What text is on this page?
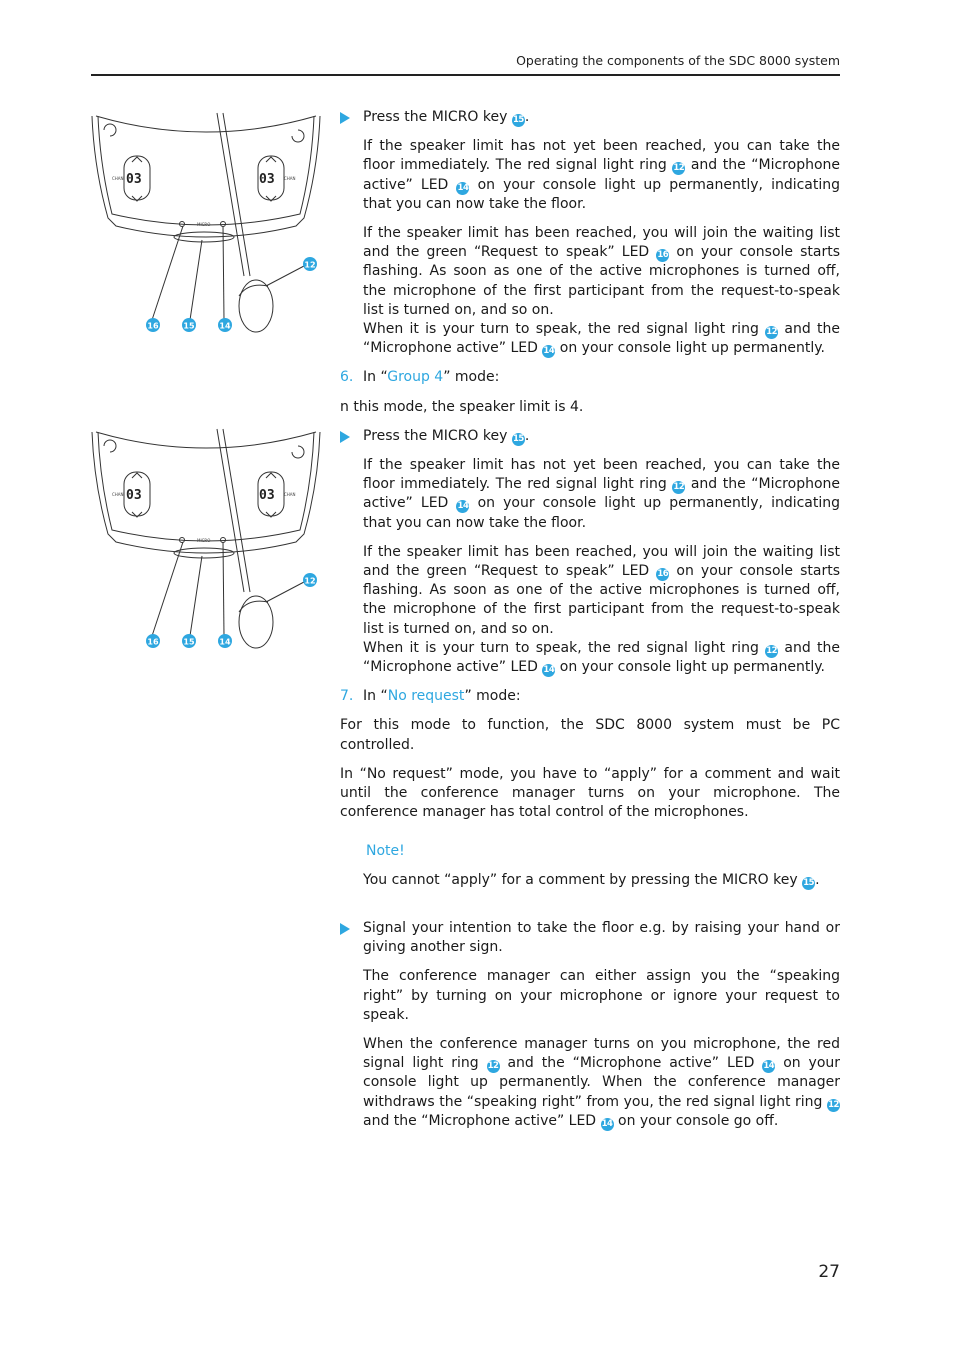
Operating the components of the SDC 8000 system
03	03
CHAN	CHAN
MICRO
12
16	15	14
03	03
CHAN	CHAN
MICRO
12
16	15	14
Press the MICRO key 15.
If the speaker limit has not yet been reached, you can take the floor immediately. The red signal light ring 12 and the “Microphone active” LED 14 on your console light up permanently, indicating that you can now take the floor.
If the speaker limit has been reached, you will join the waiting list and the green “Request to speak” LED 16 on your console starts flashing. As soon as one of the active microphones is turned off, the microphone of the first participant from the request-to-speak list is turned on, and so on.
When it is your turn to speak, the red signal light ring 12 and the “Microphone active” LED 14 on your console light up permanently.
6. In “Group 4” mode:
n this mode, the speaker limit is 4.
Press the MICRO key 15.
If the speaker limit has not yet been reached, you can take the floor immediately. The red signal light ring 12 and the “Microphone active” LED 14 on your console light up permanently, indicating that you can now take the floor.
If the speaker limit has been reached, you will join the waiting list and the green “Request to speak” LED 16 on your console starts flashing. As soon as one of the active microphones is turned off, the microphone of the first participant from the request-to-speak list is turned on, and so on.
When it is your turn to speak, the red signal light ring 12 and the “Microphone active” LED 14 on your console light up permanently.
7. In “No request” mode:
For this mode to function, the SDC 8000 system must be PC controlled.
In “No request” mode, you have to “apply” for a comment and wait until the conference manager turns on your microphone. The conference manager has total control of the microphones.
Note!
You cannot “apply” for a comment by pressing the MICRO key 15.
Signal your intention to take the floor e.g. by raising your hand or giving another sign.
The conference manager can either assign you the “speaking right” by turning on your microphone or ignore your request to speak.
When the conference manager turns on you microphone, the red signal light ring 12 and the “Microphone active” LED 14 on your console light up permanently. When the conference manager withdraws the “speaking right” from you, the red signal light ring 12 and the “Microphone active” LED 14 on your console go off.
27
